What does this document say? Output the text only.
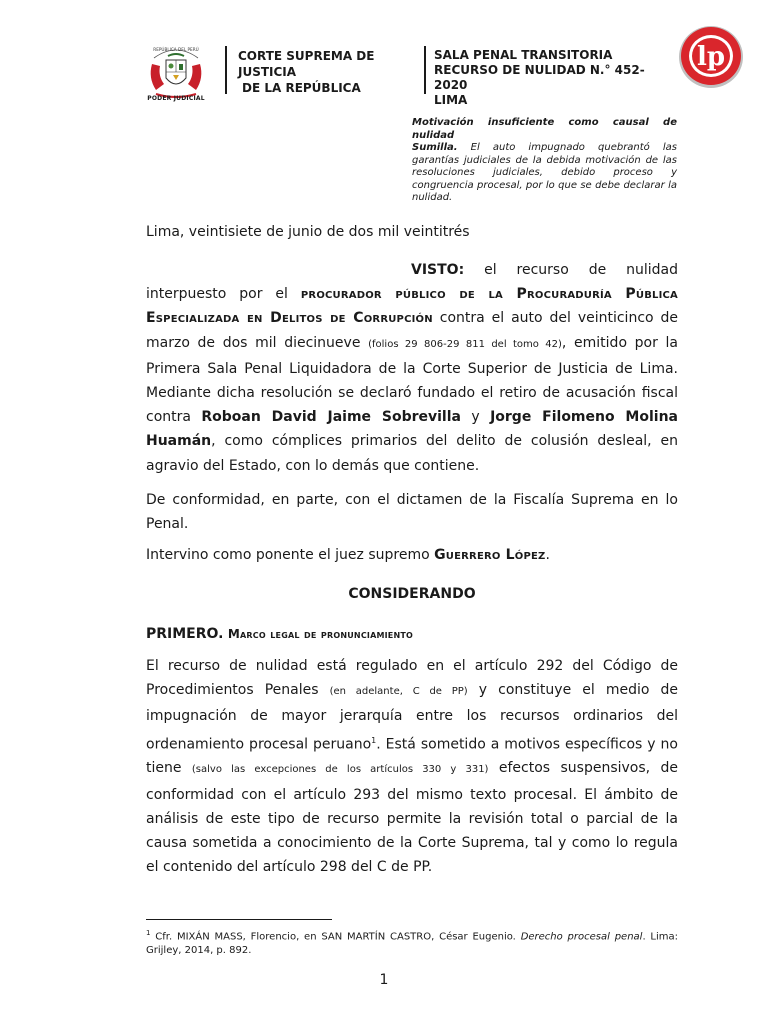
REPÚBLICA DEL PERÚ
PODER JUDICIAL
CORTE SUPREMA DE JUSTICIA
DE LA REPÚBLICA
SALA PENAL TRANSITORIA
RECURSO DE NULIDAD N.° 452-2020
LIMA
lp
Motivación insuficiente como causal de nulidad
Sumilla. El auto impugnado quebrantó las garantías judiciales de la debida motivación de las resoluciones judiciales, debido proceso y congruencia procesal, por lo que se debe declarar la nulidad.
Lima, veintisiete de junio de dos mil veintitrés
VISTO: el recurso de nulidad
interpuesto por el procurador público de la Procuraduría Pública Especializada en Delitos de Corrupción contra el auto del veinticinco de marzo de dos mil diecinueve (folios 29 806-29 811 del tomo 42), emitido por la Primera Sala Penal Liquidadora de la Corte Superior de Justicia de Lima. Mediante dicha resolución se declaró fundado el retiro de acusación fiscal contra Roboan David Jaime Sobrevilla y Jorge Filomeno Molina Huamán, como cómplices primarios del delito de colusión desleal, en agravio del Estado, con lo demás que contiene.
De conformidad, en parte, con el dictamen de la Fiscalía Suprema en lo Penal.
Intervino como ponente el juez supremo Guerrero López.
CONSIDERANDO
PRIMERO. Marco legal de pronunciamiento
El recurso de nulidad está regulado en el artículo 292 del Código de Procedimientos Penales (en adelante, C de PP) y constituye el medio de impugnación de mayor jerarquía entre los recursos ordinarios del ordenamiento procesal peruano$^1$. Está sometido a motivos específicos y no tiene (salvo las excepciones de los artículos 330 y 331) efectos suspensivos, de conformidad con el artículo 293 del mismo texto procesal. El ámbito de análisis de este tipo de recurso permite la revisión total o parcial de la causa sometida a conocimiento de la Corte Suprema, tal y como lo regula el contenido del artículo 298 del C de PP.
$^1$ Cfr. MIXÁN MASS, Florencio, en SAN MARTÍN CASTRO, César Eugenio. Derecho procesal penal. Lima: Grijley, 2014, p. 892.
1
